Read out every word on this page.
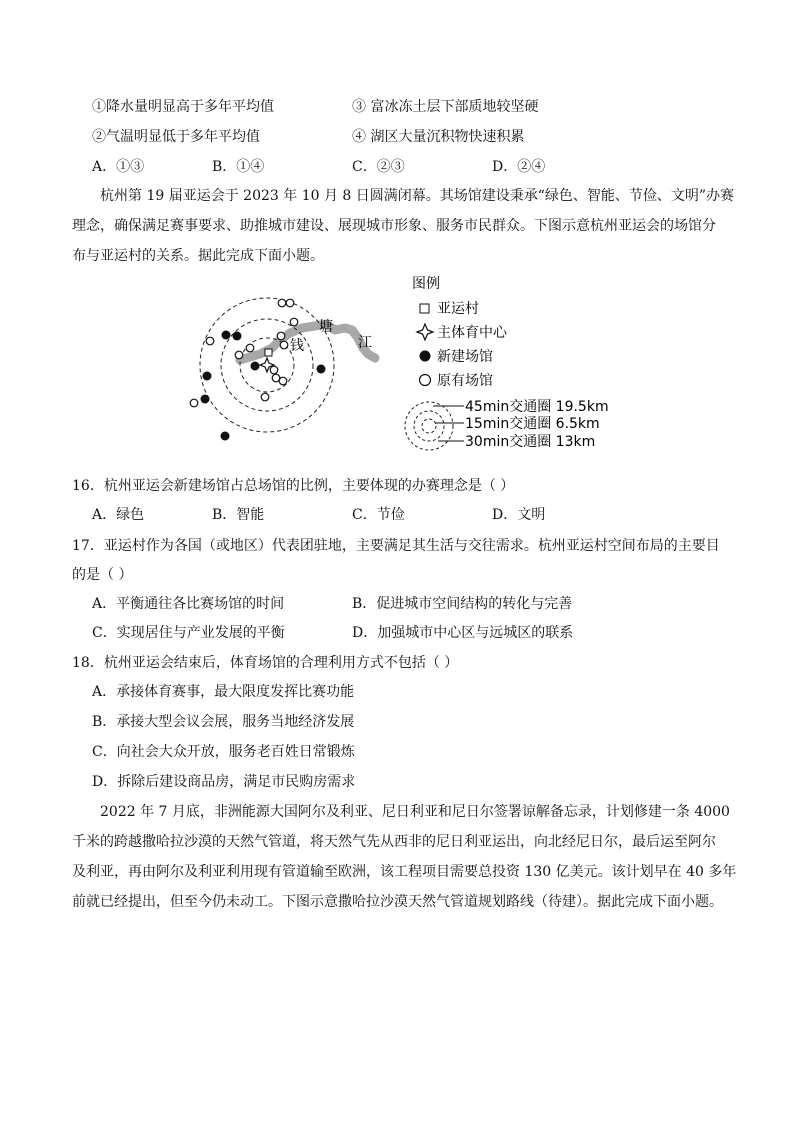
①降水量明显高于多年平均值	③ 富冰冻土层下部质地较坚硬
②气温明显低于多年平均值	④ 湖区大量沉积物快速积累
A．①③	B．①④	C．②③	D．②④
杭州第 19 届亚运会于 2023 年 10 月 8 日圆满闭幕。其场馆建设秉承“绿色、智能、节俭、文明”办赛
理念，确保满足赛事要求、助推城市建设、展现城市形象、服务市民群众。下图示意杭州亚运会的场馆分
布与亚运村的关系。据此完成下面小题。
钱
塘
江
图例
亚运村
主体育中心
新建场馆
原有场馆
45min交通圈 19.5km
15min交通圈 6.5km
30min交通圈 13km
16．杭州亚运会新建场馆占总场馆的比例，主要体现的办赛理念是（ ）
A．绿色	B．智能	C．节俭	D．文明
17．亚运村作为各国（或地区）代表团驻地，主要满足其生活与交往需求。杭州亚运村空间布局的主要目
的是（ ）
A．平衡通往各比赛场馆的时间	B．促进城市空间结构的转化与完善
C．实现居住与产业发展的平衡	D．加强城市中心区与远城区的联系
18．杭州亚运会结束后，体育场馆的合理利用方式不包括（ ）
A．承接体育赛事，最大限度发挥比赛功能
B．承接大型会议会展，服务当地经济发展
C．向社会大众开放，服务老百姓日常锻炼
D．拆除后建设商品房，满足市民购房需求
2022 年 7 月底，非洲能源大国阿尔及利亚、尼日利亚和尼日尔签署谅解备忘录，计划修建一条 4000
千米的跨越撒哈拉沙漠的天然气管道，将天然气先从西非的尼日利亚运出，向北经尼日尔，最后运至阿尔
及利亚，再由阿尔及利亚利用现有管道输至欧洲，该工程项目需要总投资 130 亿美元。该计划早在 40 多年
前就已经提出，但至今仍未动工。下图示意撒哈拉沙漠天然气管道规划路线（待建）。据此完成下面小题。
